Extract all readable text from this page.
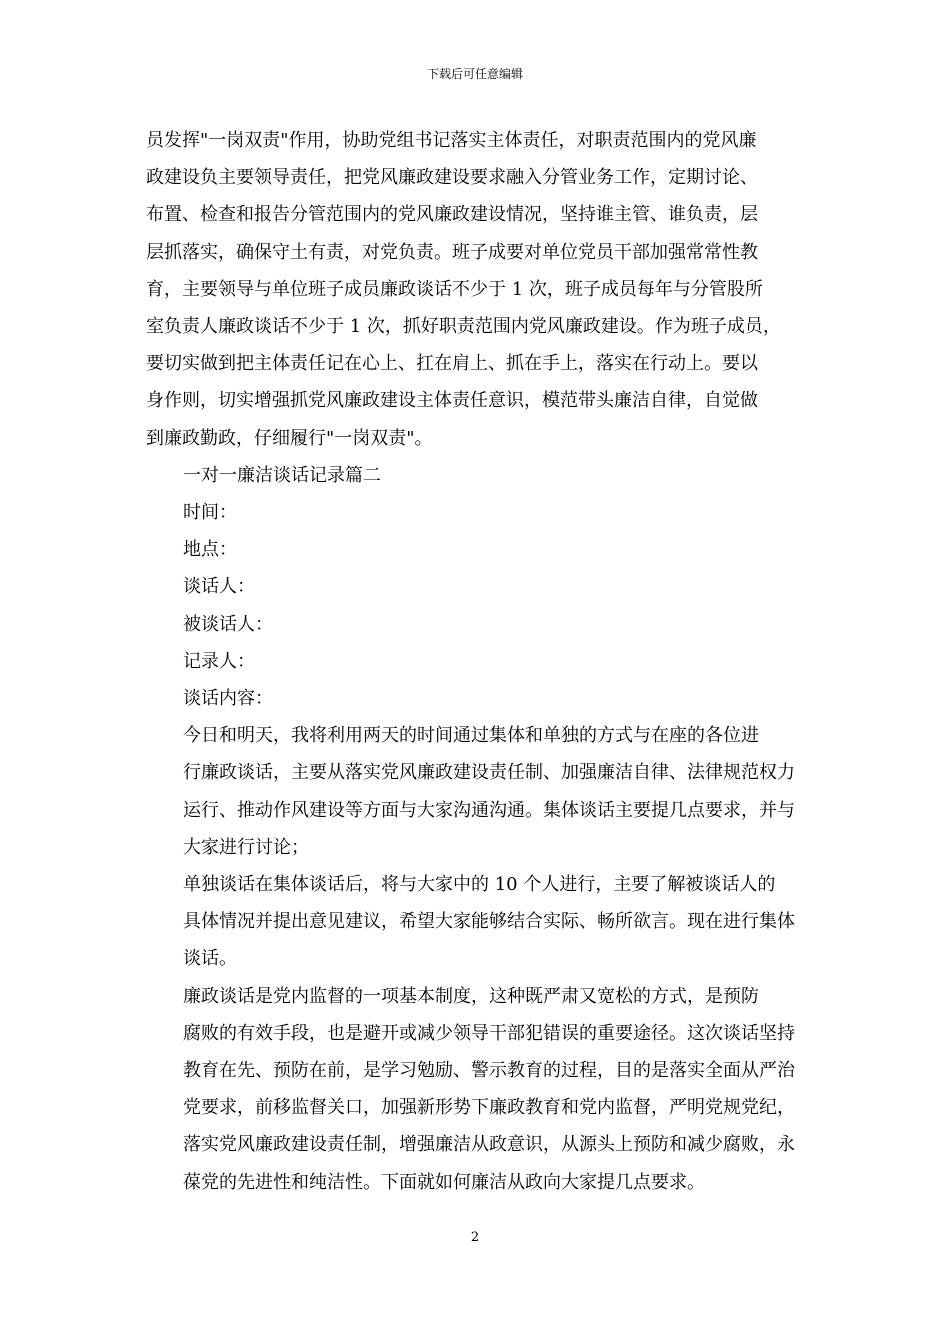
下载后可任意编辑

员发挥"一岗双责"作用，协助党组书记落实主体责任，对职责范围内的党风廉
政建设负主要领导责任，把党风廉政建设要求融入分管业务工作，定期讨论、
布置、检查和报告分管范围内的党风廉政建设情况，坚持谁主管、谁负责，层
层抓落实，确保守土有责，对党负责。班子成要对单位党员干部加强常常性教
育，主要领导与单位班子成员廉政谈话不少于 1 次，班子成员每年与分管股所
室负责人廉政谈话不少于 1 次，抓好职责范围内党风廉政建设。作为班子成员，
要切实做到把主体责任记在心上、扛在肩上、抓在手上，落实在行动上。要以
身作则，切实增强抓党风廉政建设主体责任意识，模范带头廉洁自律，自觉做
到廉政勤政，仔细履行"一岗双责"。

一对一廉洁谈话记录篇二

时间：

地点：

谈话人：

被谈话人：

记录人：

谈话内容：

今日和明天，我将利用两天的时间通过集体和单独的方式与在座的各位进
行廉政谈话，主要从落实党风廉政建设责任制、加强廉洁自律、法律规范权力
运行、推动作风建设等方面与大家沟通沟通。集体谈话主要提几点要求，并与
大家进行讨论；

单独谈话在集体谈话后，将与大家中的 10 个人进行，主要了解被谈话人的
具体情况并提出意见建议，希望大家能够结合实际、畅所欲言。现在进行集体
谈话。

廉政谈话是党内监督的一项基本制度，这种既严肃又宽松的方式，是预防
腐败的有效手段，也是避开或减少领导干部犯错误的重要途径。这次谈话坚持
教育在先、预防在前，是学习勉励、警示教育的过程，目的是落实全面从严治
党要求，前移监督关口，加强新形势下廉政教育和党内监督，严明党规党纪，
落实党风廉政建设责任制，增强廉洁从政意识，从源头上预防和减少腐败，永
葆党的先进性和纯洁性。下面就如何廉洁从政向大家提几点要求。

2
